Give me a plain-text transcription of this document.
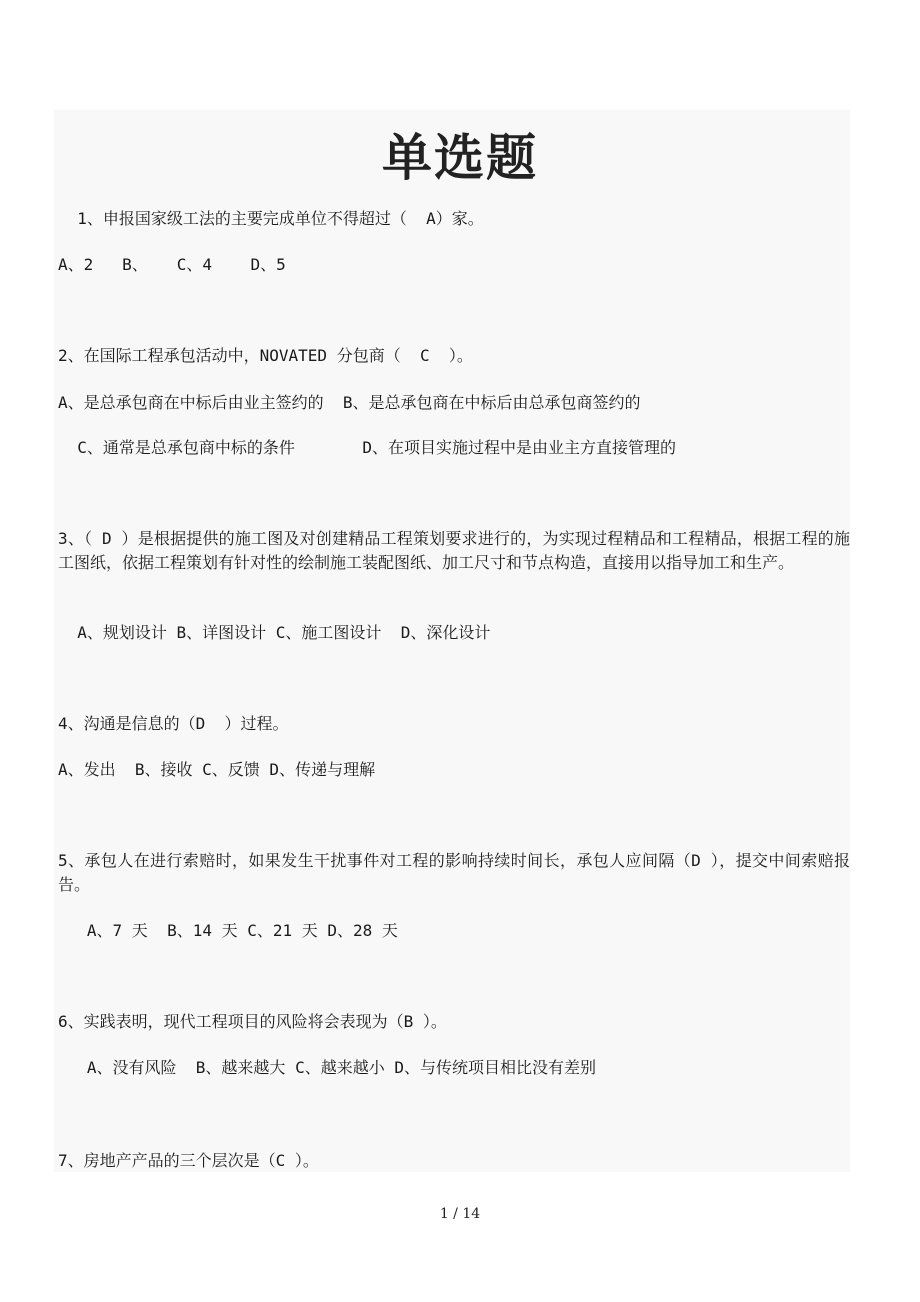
单选题
1、申报国家级工法的主要完成单位不得超过（  A）家。
A、2   B、   C、4    D、5
2、在国际工程承包活动中，NOVATED 分包商（  C  ）。
A、是总承包商在中标后由业主签约的  B、是总承包商在中标后由总承包商签约的
C、通常是总承包商中标的条件       D、在项目实施过程中是由业主方直接管理的
3、（ D ）是根据提供的施工图及对创建精品工程策划要求进行的，为实现过程精品和工程精品，根据工程的施工图纸，依据工程策划有针对性的绘制施工装配图纸、加工尺寸和节点构造，直接用以指导加工和生产。
A、规划设计 B、详图设计 C、施工图设计  D、深化设计
4、沟通是信息的（D  ）过程。
A、发出  B、接收 C、反馈 D、传递与理解
5、承包人在进行索赔时，如果发生干扰事件对工程的影响持续时间长，承包人应间隔（D ），提交中间索赔报告。
A、7 天  B、14 天 C、21 天 D、28 天
6、实践表明，现代工程项目的风险将会表现为（B ）。
A、没有风险  B、越来越大 C、越来越小 D、与传统项目相比没有差别
7、房地产产品的三个层次是（C ）。
1 / 14
